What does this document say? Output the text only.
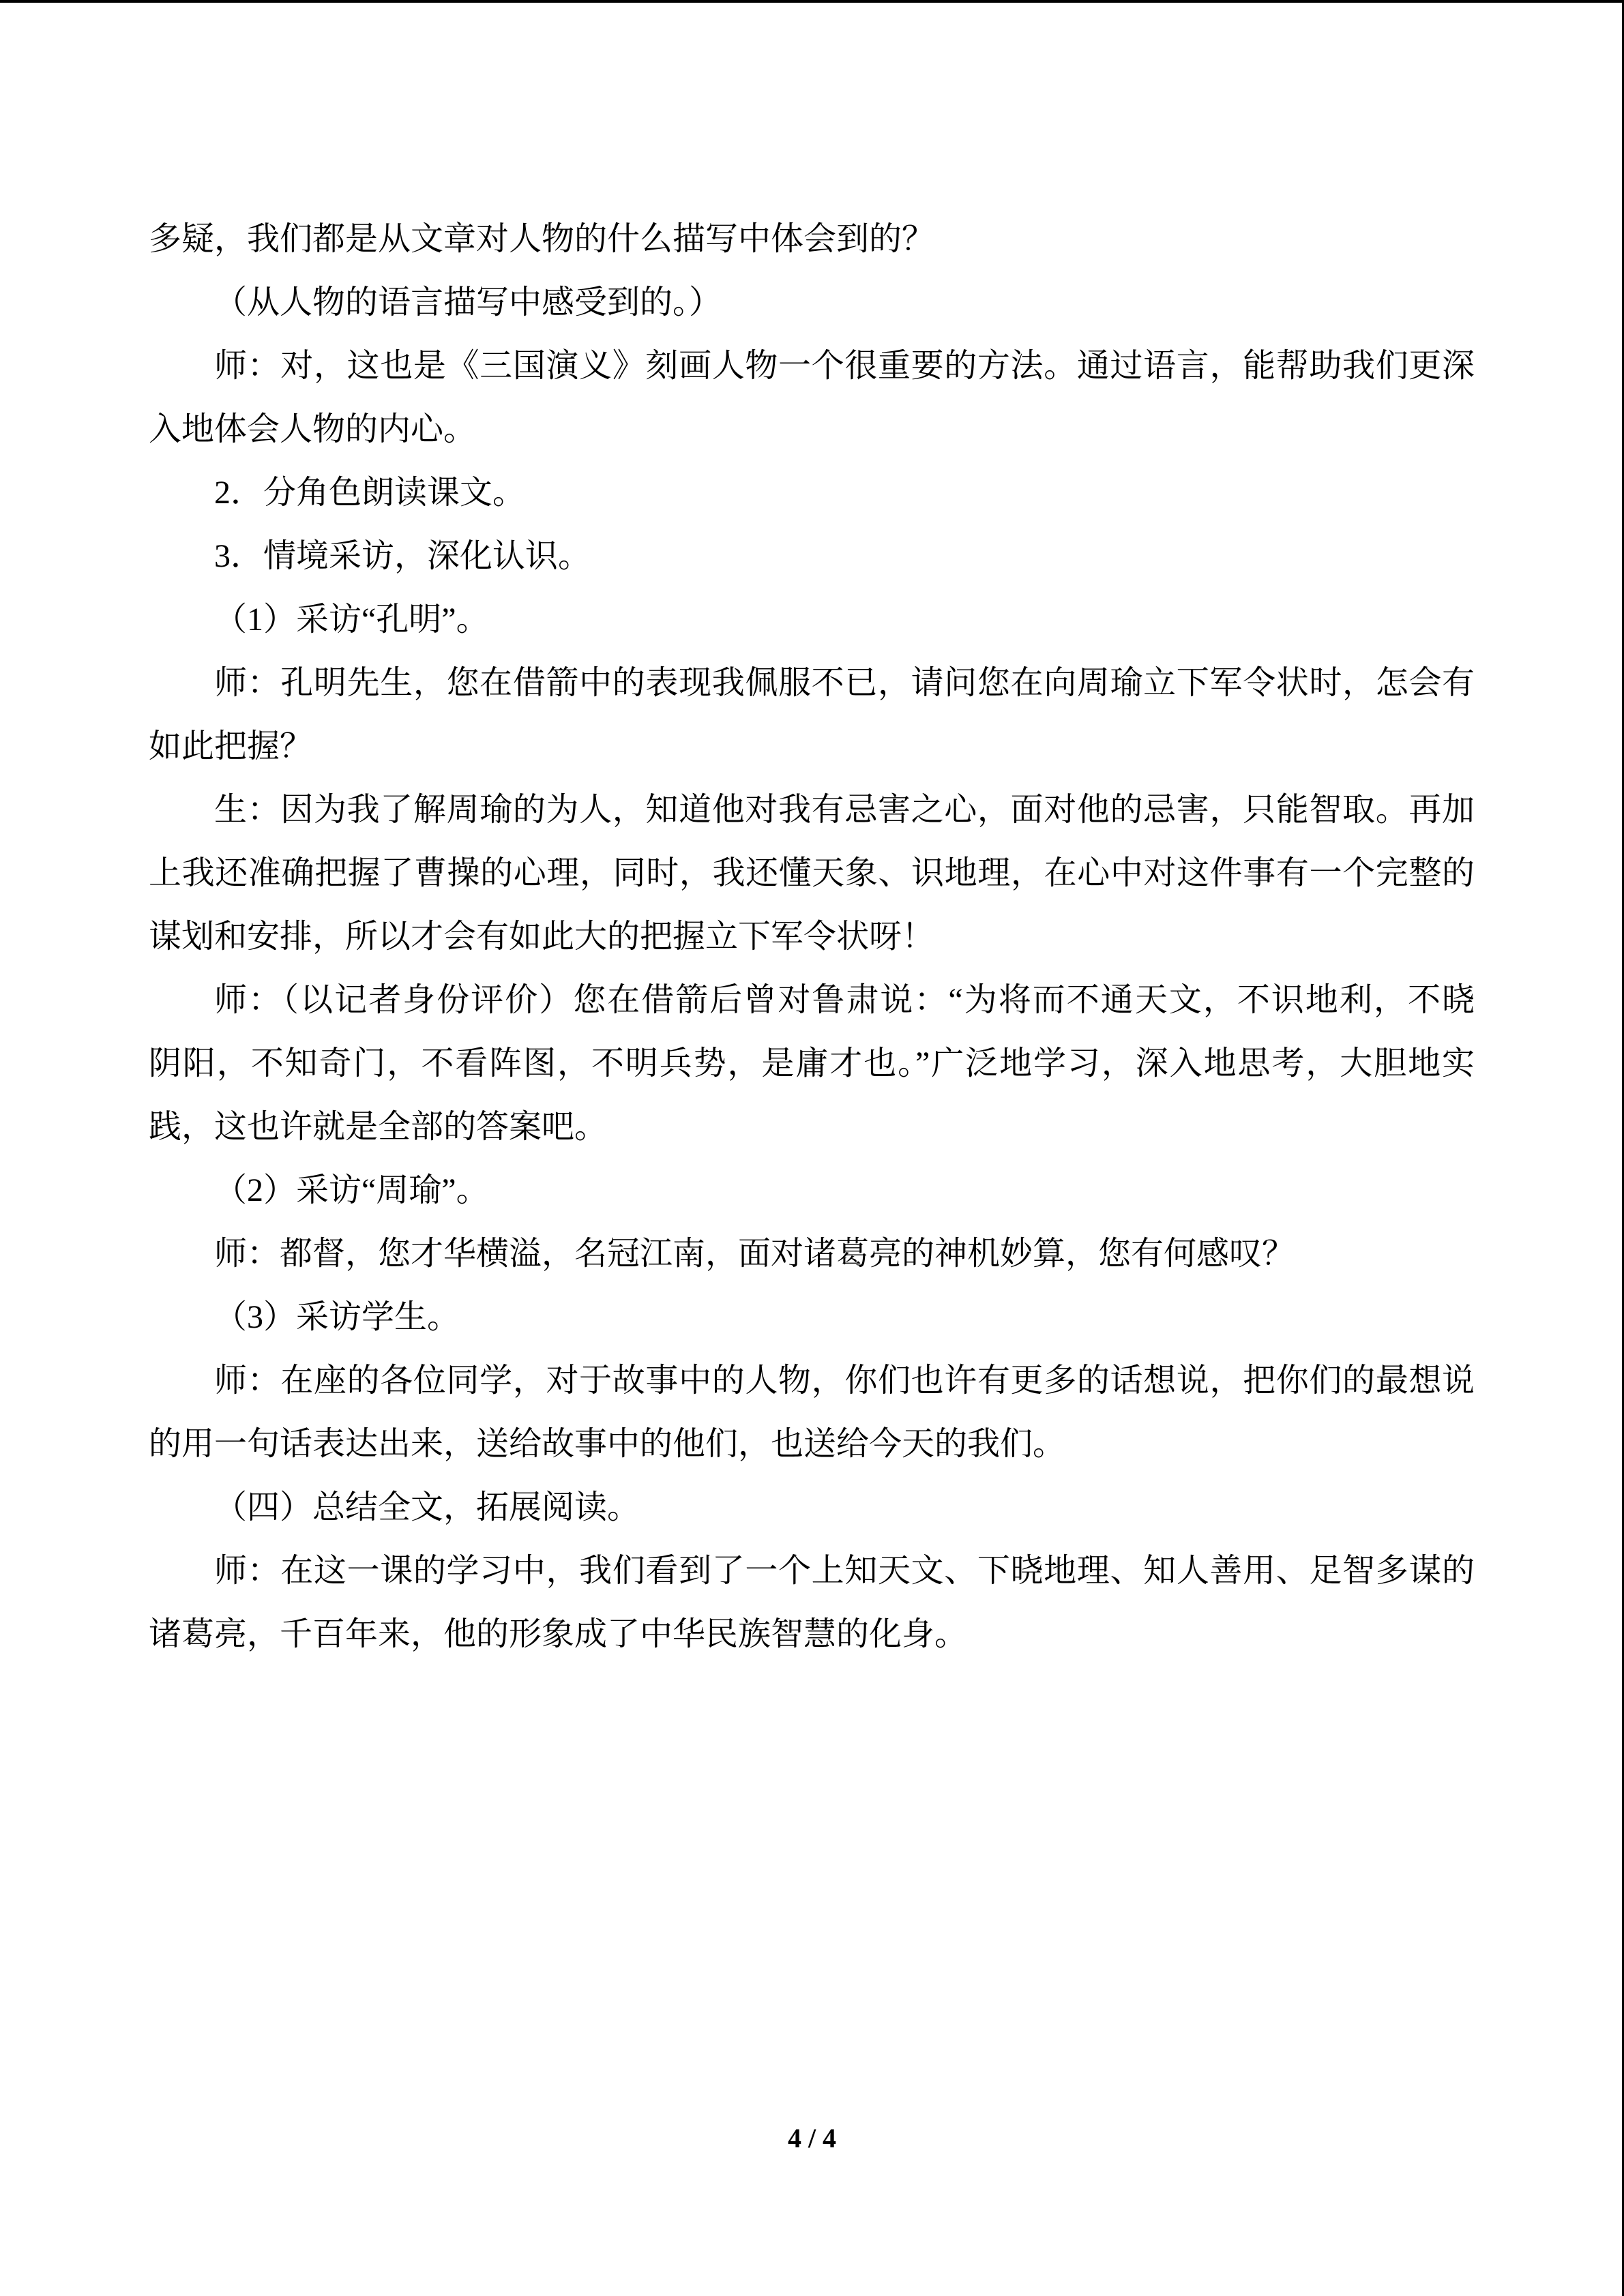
多疑，我们都是从文章对人物的什么描写中体会到的？
（从人物的语言描写中感受到的。）
师：对，这也是《三国演义》刻画人物一个很重要的方法。通过语言，能帮助我们更深
入地体会人物的内心。
2．分角色朗读课文。
3．情境采访，深化认识。
（1）采访“孔明”。
师：孔明先生，您在借箭中的表现我佩服不已，请问您在向周瑜立下军令状时，怎会有
如此把握？
生：因为我了解周瑜的为人，知道他对我有忌害之心，面对他的忌害，只能智取。再加
上我还准确把握了曹操的心理，同时，我还懂天象、识地理，在心中对这件事有一个完整的
谋划和安排，所以才会有如此大的把握立下军令状呀！
师：（以记者身份评价）您在借箭后曾对鲁肃说：“为将而不通天文，不识地利，不晓
阴阳，不知奇门，不看阵图，不明兵势，是庸才也。”广泛地学习，深入地思考，大胆地实
践，这也许就是全部的答案吧。
（2）采访“周瑜”。
师：都督，您才华横溢，名冠江南，面对诸葛亮的神机妙算，您有何感叹？
（3）采访学生。
师：在座的各位同学，对于故事中的人物，你们也许有更多的话想说，把你们的最想说
的用一句话表达出来，送给故事中的他们，也送给今天的我们。
（四）总结全文，拓展阅读。
师：在这一课的学习中，我们看到了一个上知天文、下晓地理、知人善用、足智多谋的
诸葛亮，千百年来，他的形象成了中华民族智慧的化身。
4 / 4
